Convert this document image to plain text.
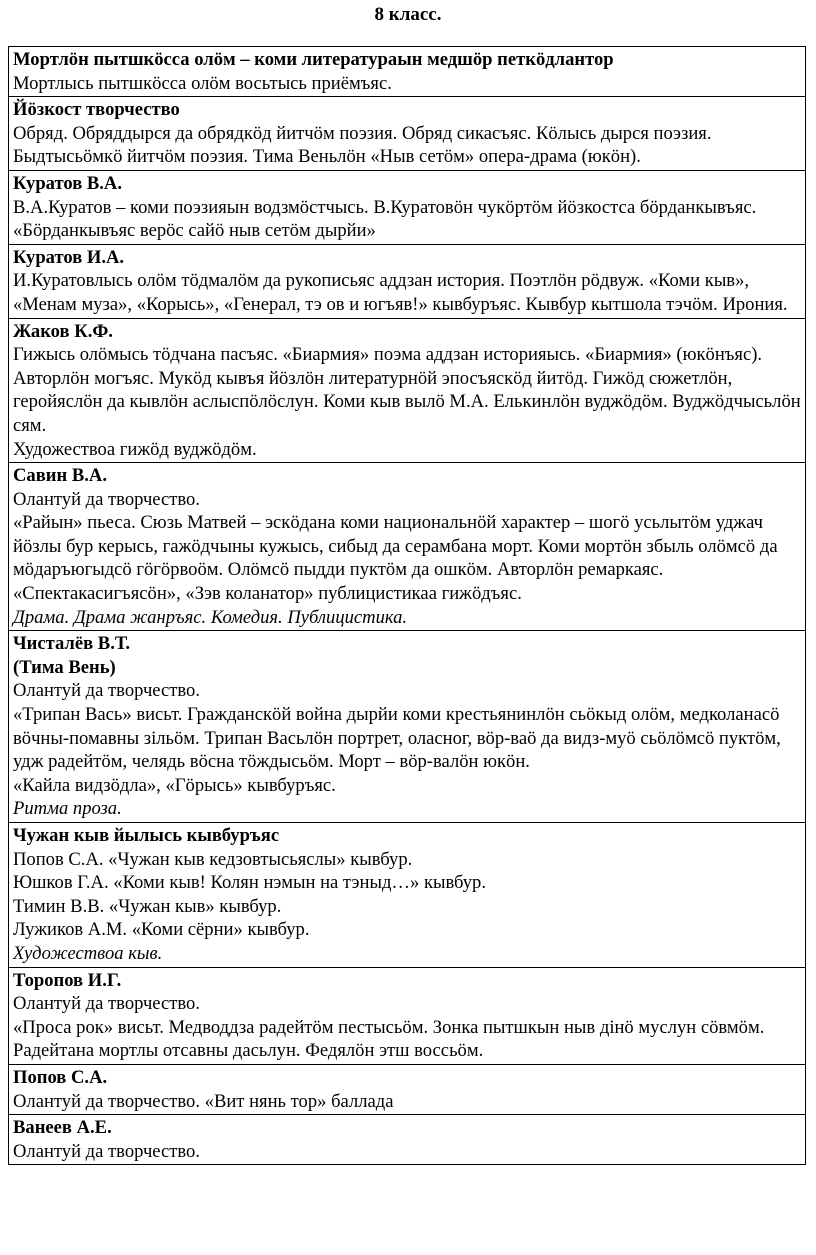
8 класс.
Мортлӧн пытшкӧсса олӧм – коми литератураын медшӧр петкӧдлантор
Мортлысь пытшкӧсса олӧм восьтысь приёмъяс.

Йӧзкост творчество
Обряд. Обряддырся да обрядкӧд йитчӧм поэзия. Обряд сикасъяс. Кӧлысь дырся поэзия. Быдтысьӧмкӧ йитчӧм поэзия. Тима Веньлӧн «Ныв сетӧм» опера-драма (юкӧн).

Куратов В.А.
В.А.Куратов – коми поэзияын водзмӧстчысь. В.Куратовӧн чукӧртӧм йӧзкостса бӧрданкывъяс. «Бӧрданкывъяс верӧс сайӧ ныв сетӧм дырйи»

Куратов И.А.
И.Куратовлысь олӧм тӧдмалӧм да рукописьяс аддзан история. Поэтлӧн рӧдвуж. «Коми кыв», «Менам муза», «Корысь», «Генерал, тэ ов и югъяв!» кывбуръяс. Кывбур кытшола тэчӧм. Ирония.

Жаков К.Ф.
Гижысь олӧмысь тӧдчана пасъяс. «Биармия» поэма аддзан историяысь. «Биармия» (юкӧнъяс). Авторлӧн могъяс. Мукӧд кывъя йӧзлӧн литературнӧй эпосъяскӧд йитӧд. Гижӧд сюжетлӧн, геройяслӧн да кывлӧн аслыспӧлӧслун. Коми кыв вылӧ М.А. Елькинлӧн вуджӧдӧм. Вуджӧдчысьлӧн сям.
Художествоа гижӧд вуджӧдӧм.

Савин В.А.
Олантуй да творчество.
«Райын» пьеса. Сюзь Матвей – эскӧдана коми национальнӧй характер – шогӧ усьлытӧм уджач йӧзлы бур керысь, гажӧдчыны кужысь, сибыд да серамбана морт. Коми мортӧн збыль олӧмсӧ да мӧдаръюгыдсӧ гӧгӧрвоӧм. Олӧмсӧ пыдди пуктӧм да ошкӧм. Авторлӧн ремаркаяс.
«Спектакасигъясӧн», «Зэв коланатор» публицистикаа гижӧдъяс.
Драма. Драма жанръяс. Комедия. Публицистика.

Чисталёв В.Т.
(Тима Вень)
Олантуй да творчество.
«Трипан Вась» висьт. Гражданскӧй война дырйи коми крестьянинлӧн сьӧкыд олӧм, медколанасӧ вӧчны-помавны зільӧм. Трипан Васьлӧн портрет, оласног, вӧр-ваӧ да видз-муӧ сьӧлӧмсӧ пуктӧм, удж радейтӧм, челядь вӧсна тӧждысьӧм. Морт – вӧр-валӧн юкӧн.
«Кайла видзӧдла», «Гӧрысь» кывбуръяс.
Ритма проза.

Чужан кыв йылысь кывбуръяс
Попов С.А. «Чужан кыв кедзовтысьяслы» кывбур.
Юшков Г.А. «Коми кыв! Колян нэмын на тэныд…» кывбур.
Тимин В.В. «Чужан кыв» кывбур.
Лужиков А.М. «Коми сёрни» кывбур.
Художествоа кыв.

Торопов И.Г.
Олантуй да творчество.
«Проса рок» висьт. Медводдза радейтӧм пестысьӧм. Зонка пытшкын ныв дiнӧ муслун сӧвмӧм. Радейтана мортлы отсавны дасьлун. Федялӧн этш воссьӧм.

Попов С.А.
Олантуй да творчество. «Вит нянь тор» баллада

Ванеев А.Е.
Олантуй да творчество.
